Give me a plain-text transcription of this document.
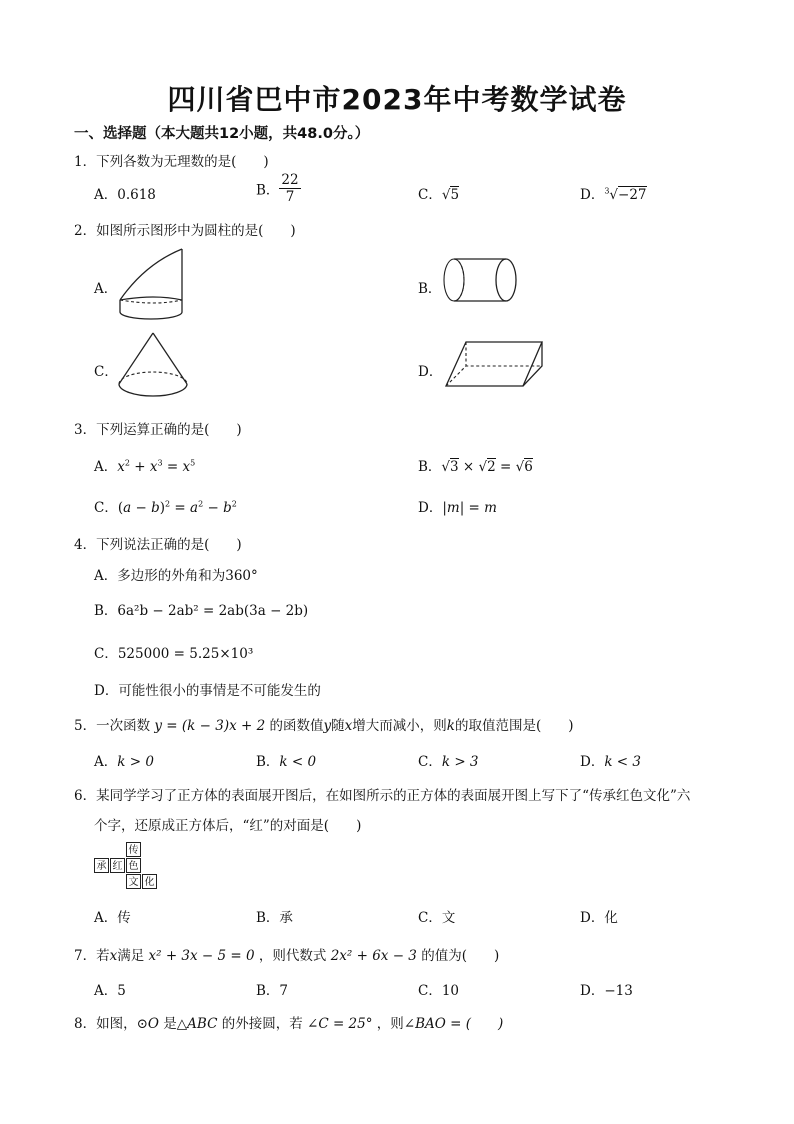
四川省巴中市2023年中考数学试卷
一、选择题（本大题共12小题，共48.0分。）
1．下列各数为无理数的是(　　)
A．0.618	B． $\frac{22}{7}$	C．√5	D．$^3$√−27
2．如图所示图形中为圆柱的是(　　)
A．	B．
C．	D．
3．下列运算正确的是(　　)
A．$x^2 + x^3 = x^5$	B．√3 × √2 = √6
C．$(a - b)^2 = a^2 - b^2$	D．|m| = m
4．下列说法正确的是(　　)
A．多边形的外角和为360°
B．6a²b − 2ab² = 2ab(3a − 2b)
C．525000 = 5.25×10³
D．可能性很小的事情是不可能发生的
5．一次函数 y = (k − 3)x + 2 的函数值y随x增大而减小，则k的取值范围是(　　)
A．k > 0	B．k < 0	C．k > 3	D．k < 3
6．某同学学习了正方体的表面展开图后，在如图所示的正方体的表面展开图上写下了“传承红色文化”六
个字，还原成正方体后，“红”的对面是(　　)
传
承 红 色
文 化
A．传	B．承	C．文	D．化
7．若x满足 x² + 3x − 5 = 0 ，则代数式 2x² + 6x − 3 的值为(　　)
A．5	B．7	C．10	D．−13
8．如图，⊙O 是△ABC 的外接圆，若 ∠C = 25° ，则∠BAO = (　　)
